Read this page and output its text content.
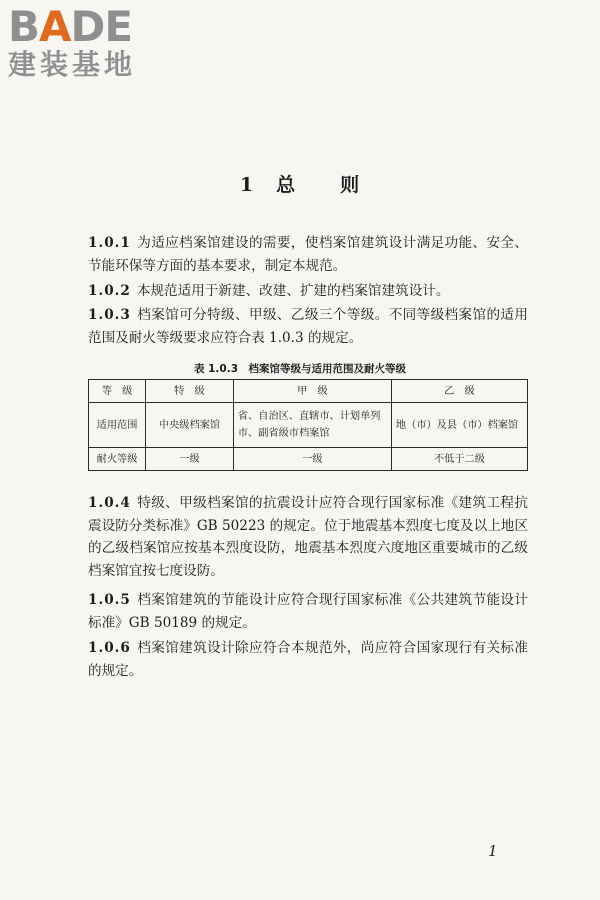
BADE
建装基地
1 总 则
1.0.1 为适应档案馆建设的需要，使档案馆建筑设计满足功能、安全、节能环保等方面的基本要求，制定本规范。
1.0.2 本规范适用于新建、改建、扩建的档案馆建筑设计。
1.0.3 档案馆可分特级、甲级、乙级三个等级。不同等级档案馆的适用范围及耐火等级要求应符合表 1.0.3 的规定。
表 1.0.3　 档案馆等级与适用范围及耐火等级
等　级	特　级	甲　级	乙　级
适用范围	中央级档案馆	省、自治区、直辖市、计划单列市、副省级市档案馆	地（市）及县（市）档案馆
耐火等级	一级	一级	不低于二级
1.0.4 特级、甲级档案馆的抗震设计应符合现行国家标准《建筑工程抗震设防分类标准》GB 50223 的规定。位于地震基本烈度七度及以上地区的乙级档案馆应按基本烈度设防，地震基本烈度六度地区重要城市的乙级档案馆宜按七度设防。
1.0.5 档案馆建筑的节能设计应符合现行国家标准《公共建筑节能设计标准》GB 50189 的规定。
1.0.6 档案馆建筑设计除应符合本规范外，尚应符合国家现行有关标准的规定。
1
